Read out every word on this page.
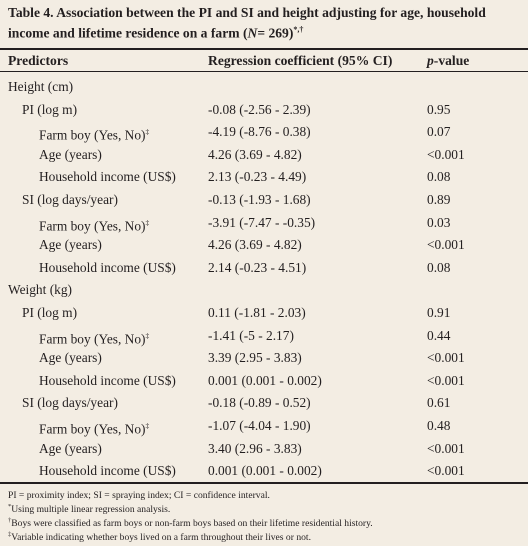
Table 4. Association between the PI and SI and height adjusting for age, household
income and lifetime residence on a farm (N= 269)*,†
Predictors	Regression coefficient (95% CI)	p-value
Height (cm)
PI (log m)	-0.08 (-2.56 - 2.39)	0.95
Farm boy (Yes, No)‡	-4.19 (-8.76 - 0.38)	0.07
Age (years)	4.26 (3.69 - 4.82)	<0.001
Household income (US$) 2.13 (-0.23 - 4.49)	0.08
SI (log days/year)	-0.13 (-1.93 - 1.68)	0.89
Farm boy (Yes, No)‡	-3.91 (-7.47 - -0.35)	0.03
Age (years)	4.26 (3.69 - 4.82)	<0.001
Household income (US$) 2.14 (-0.23 - 4.51)	0.08
Weight (kg)
PI (log m)	0.11 (-1.81 - 2.03)	0.91
Farm boy (Yes, No)‡	-1.41 (-5 - 2.17)	0.44
Age (years)	3.39 (2.95 - 3.83)	<0.001
Household income (US$) 0.001 (0.001 - 0.002)	<0.001
SI (log days/year)	-0.18 (-0.89 - 0.52)	0.61
Farm boy (Yes, No)‡	-1.07 (-4.04 - 1.90)	0.48
Age (years)	3.40 (2.96 - 3.83)	<0.001
Household income (US$) 0.001 (0.001 - 0.002)	<0.001
PI = proximity index; SI = spraying index; CI = confidence interval.
*Using multiple linear regression analysis.
†Boys were classified as farm boys or non-farm boys based on their lifetime residential history.
‡Variable indicating whether boys lived on a farm throughout their lives or not.
